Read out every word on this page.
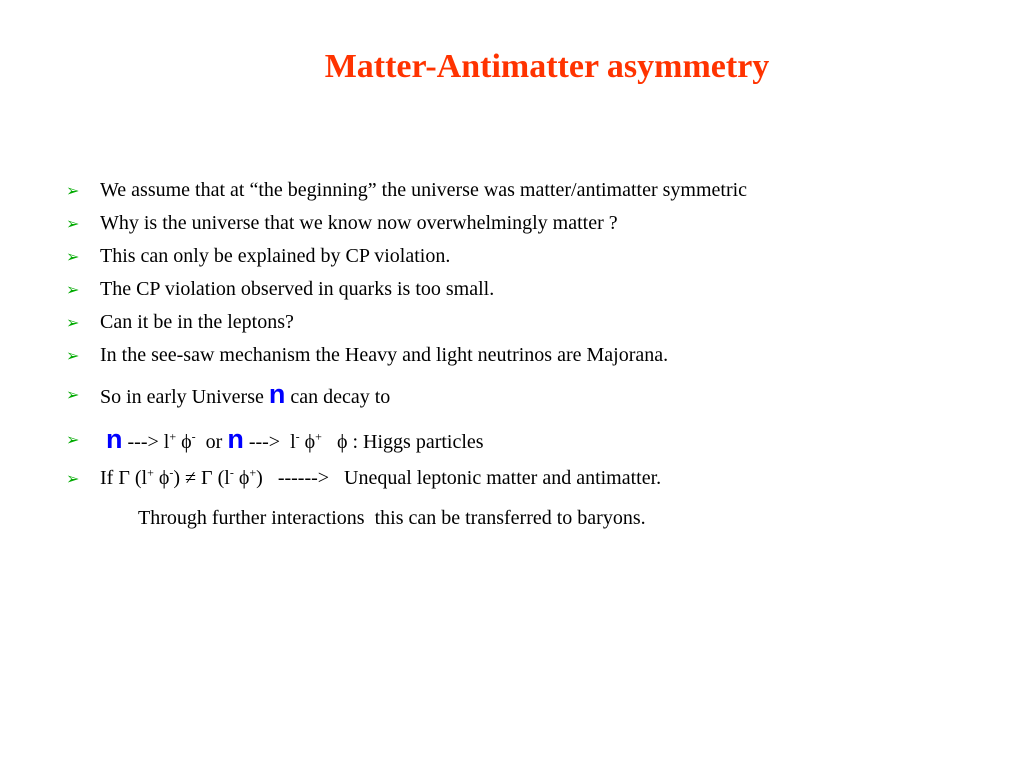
Matter-Antimatter asymmetry
➢ We assume that at “the beginning” the universe was matter/antimatter symmetric
➢ Why is the universe that we know now overwhelmingly matter ?
➢ This can only be explained by CP violation.
➢ The CP violation observed in quarks is too small.
➢ Can it be in the leptons?
➢ In the see-saw mechanism the Heavy and light neutrinos are Majorana.
➢ So in early Universe n can decay to
➢ n ---> l+ ϕ-  or n --->  l- ϕ+   ϕ : Higgs particles
➢ If Γ (l+ ϕ-) ≠ Γ (l- ϕ+)   ------>   Unequal leptonic matter and antimatter.
Through further interactions  this can be transferred to baryons.
